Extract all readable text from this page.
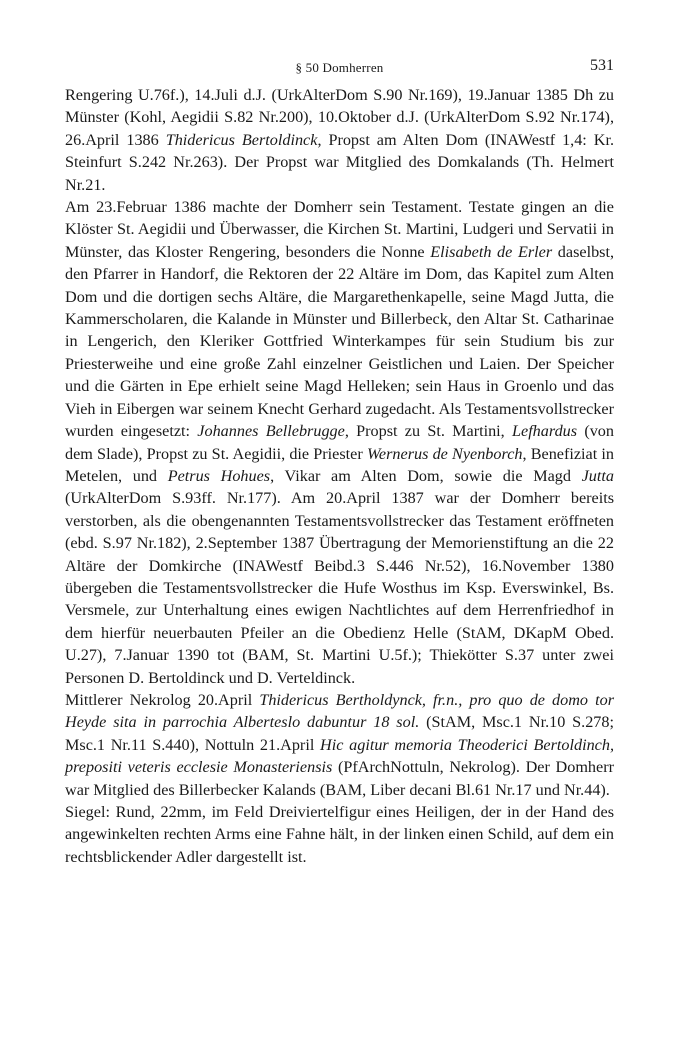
§ 50 Domherren	531

Rengering U.76f.), 14.Juli d.J. (UrkAlterDom S.90 Nr.169), 19.Januar 1385 Dh zu Münster (Kohl, Aegidii S.82 Nr.200), 10.Oktober d.J. (UrkAlterDom S.92 Nr.174), 26.April 1386 Thidericus Bertoldinck, Propst am Alten Dom (INAWestf 1,4: Kr. Steinfurt S.242 Nr.263). Der Propst war Mitglied des Domkalands (Th. Helmert Nr.21.

Am 23.Februar 1386 machte der Domherr sein Testament. Testate gingen an die Klöster St. Aegidii und Überwasser, die Kirchen St. Martini, Ludgeri und Servatii in Münster, das Kloster Rengering, besonders die Nonne Elisabeth de Erler daselbst, den Pfarrer in Handorf, die Rektoren der 22 Altäre im Dom, das Kapitel zum Alten Dom und die dortigen sechs Altäre, die Margarethenkapelle, seine Magd Jutta, die Kammerscholaren, die Kalande in Münster und Billerbeck, den Altar St. Catharinae in Lengerich, den Kleriker Gottfried Winterkampes für sein Studium bis zur Priesterweihe und eine große Zahl einzelner Geistlichen und Laien. Der Speicher und die Gärten in Epe erhielt seine Magd Helleken; sein Haus in Groenlo und das Vieh in Eibergen war seinem Knecht Gerhard zugedacht. Als Testamentsvollstrecker wurden eingesetzt: Johannes Bellebrugge, Propst zu St. Martini, Lefhardus (von dem Slade), Propst zu St. Aegidii, die Priester Wernerus de Nyenborch, Benefiziat in Metelen, und Petrus Hohues, Vikar am Alten Dom, sowie die Magd Jutta (UrkAlterDom S.93ff. Nr.177). Am 20.April 1387 war der Domherr bereits verstorben, als die obengenannten Testamentsvollstrecker das Testament eröffneten (ebd. S.97 Nr.182), 2.September 1387 Übertragung der Memorienstiftung an die 22 Altäre der Domkirche (INAWestf Beibd.3 S.446 Nr.52), 16.November 1380 übergeben die Testamentsvollstrecker die Hufe Wosthus im Ksp. Everswinkel, Bs. Versmele, zur Unterhaltung eines ewigen Nachtlichtes auf dem Herrenfriedhof in dem hierfür neuerbauten Pfeiler an die Obedienz Helle (StAM, DKapM Obed. U.27), 7.Januar 1390 tot (BAM, St. Martini U.5f.); Thiekötter S.37 unter zwei Personen D. Bertoldinck und D. Verteldinck.

Mittlerer Nekrolog 20.April Thidericus Bertholdynck, fr.n., pro quo de domo tor Heyde sita in parrochia Alberteslo dabuntur 18 sol. (StAM, Msc.1 Nr.10 S.278; Msc.1 Nr.11 S.440), Nottuln 21.April Hic agitur memoria Theoderici Bertoldinch, prepositi veteris ecclesie Monasteriensis (PfArchNottuln, Nekrolog). Der Domherr war Mitglied des Billerbecker Kalands (BAM, Liber decani Bl.61 Nr.17 und Nr.44).

Siegel: Rund, 22mm, im Feld Dreiviertelfigur eines Heiligen, der in der Hand des angewinkelten rechten Arms eine Fahne hält, in der linken einen Schild, auf dem ein rechtsblickender Adler dargestellt ist.
